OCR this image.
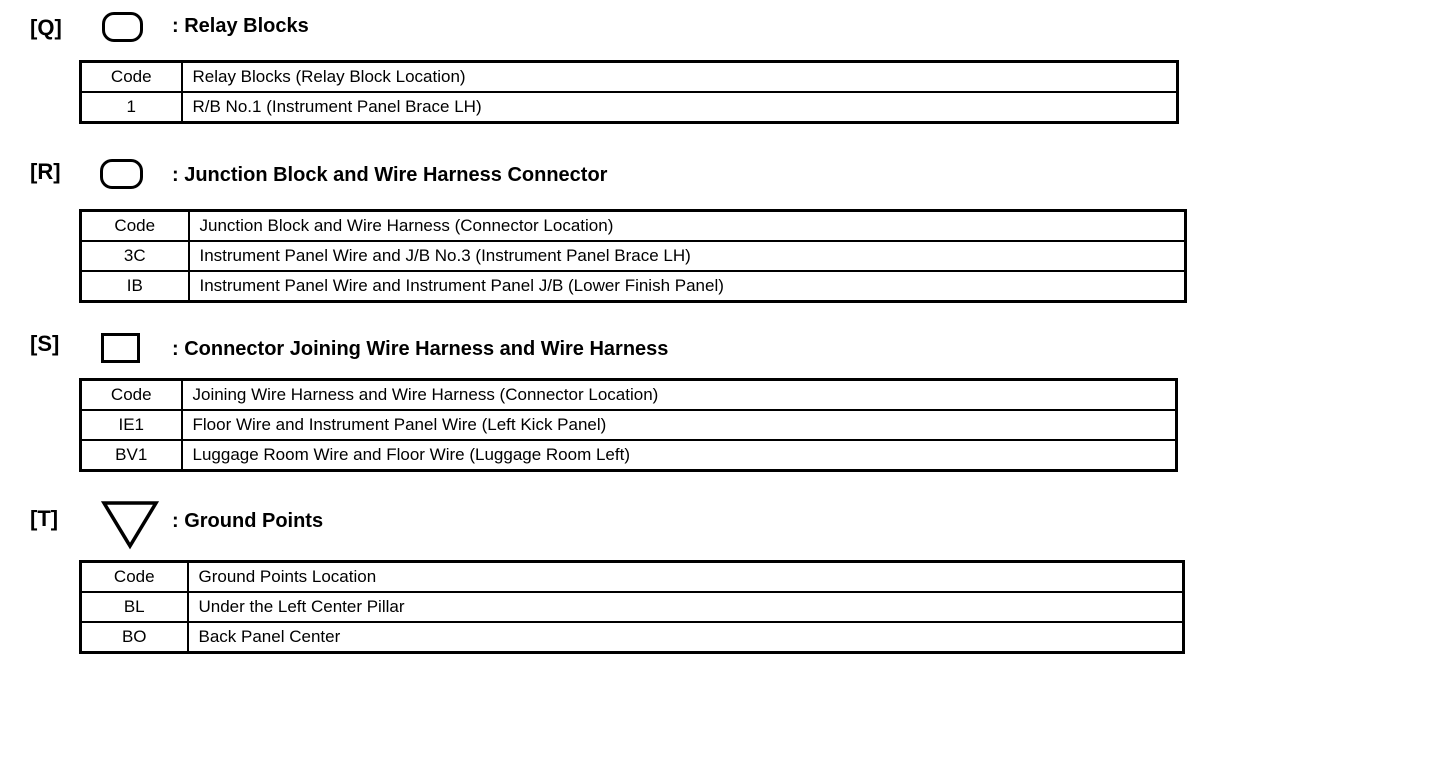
[Q]	: Relay Blocks
Code	Relay Blocks (Relay Block Location)
1	R/B No.1 (Instrument Panel Brace LH)
[R]	: Junction Block and Wire Harness Connector
Code	Junction Block and Wire Harness (Connector Location)
3C	Instrument Panel Wire and J/B No.3 (Instrument Panel Brace LH)
IB	Instrument Panel Wire and Instrument Panel J/B (Lower Finish Panel)
[S]	: Connector Joining Wire Harness and Wire Harness
Code	Joining Wire Harness and Wire Harness (Connector Location)
IE1	Floor Wire and Instrument Panel Wire (Left Kick Panel)
BV1	Luggage Room Wire and Floor Wire (Luggage Room Left)
[T]	: Ground Points
Code	Ground Points Location
BL	Under the Left Center Pillar
BO	Back Panel Center
